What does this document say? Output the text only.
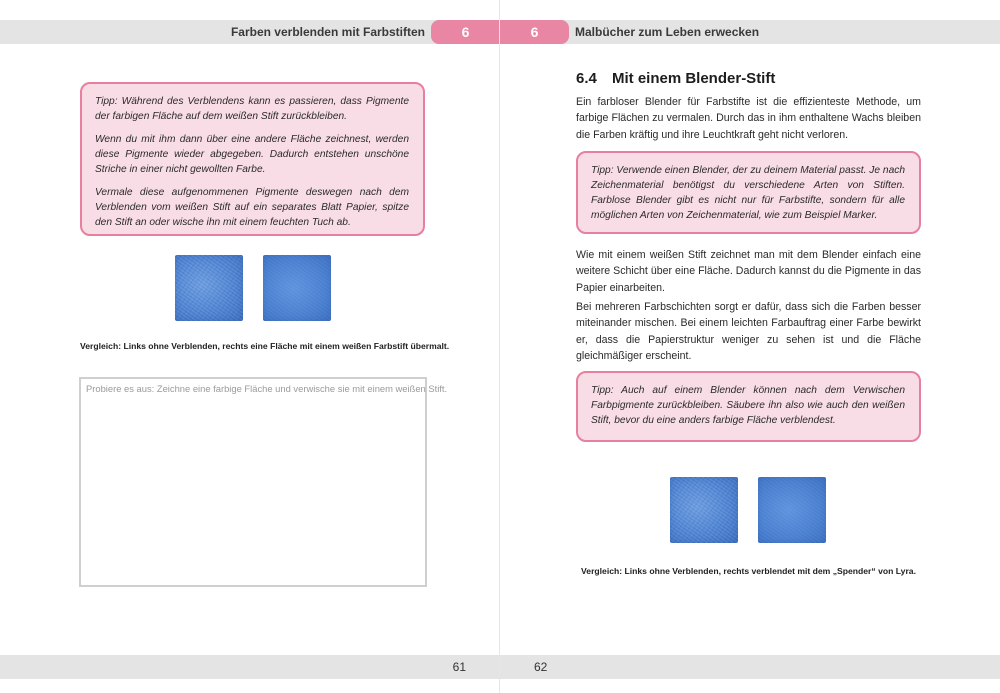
Farben verblenden mit Farbstiften	6

Tipp: Während des Verblendens kann es passieren, dass Pigmente der farbigen Fläche auf dem weißen Stift zurückbleiben.

Wenn du mit ihm dann über eine andere Fläche zeichnest, werden diese Pigmente wieder abgegeben. Dadurch entstehen unschöne Striche in einer nicht gewollten Farbe.

Vermale diese aufgenommenen Pigmente deswegen nach dem Verblenden vom weißen Stift auf ein separates Blatt Papier, spitze den Stift an oder wische ihn mit einem feuchten Tuch ab.

Vergleich: Links ohne Verblenden, rechts eine Fläche mit einem weißen Farbstift übermalt.
Probiere es aus: Zeichne eine farbige Fläche und verwische sie mit einem weißen Stift.
61
6	Malbücher zum Leben erwecken
6.4 Mit einem Blender-Stift

Ein farbloser Blender für Farbstifte ist die effizienteste Methode, um farbige Flächen zu vermalen. Durch das in ihm enthaltene Wachs bleiben die Farben kräftig und ihre Leuchtkraft geht nicht verloren.

Tipp: Verwende einen Blender, der zu deinem Material passt. Je nach Zeichenmaterial benötigst du verschiedene Arten von Stiften. Farblose Blender gibt es nicht nur für Farbstifte, sondern für alle möglichen Arten von Zeichenmaterial, wie zum Beispiel Marker.

Wie mit einem weißen Stift zeichnet man mit dem Blender einfach eine weitere Schicht über eine Fläche. Dadurch kannst du die Pigmente in das Papier einarbeiten.

Bei mehreren Farbschichten sorgt er dafür, dass sich die Farben besser miteinander mischen. Bei einem leichten Farbauftrag einer Farbe bewirkt er, dass die Papierstruktur weniger zu sehen ist und die Fläche gleichmäßiger erscheint.

Tipp: Auch auf einem Blender können nach dem Verwischen Farbpigmente zurückbleiben. Säubere ihn also wie auch den weißen Stift, bevor du eine anders farbige Fläche verblendest.

Vergleich: Links ohne Verblenden, rechts verblendet mit dem „Spender“ von Lyra.
62
